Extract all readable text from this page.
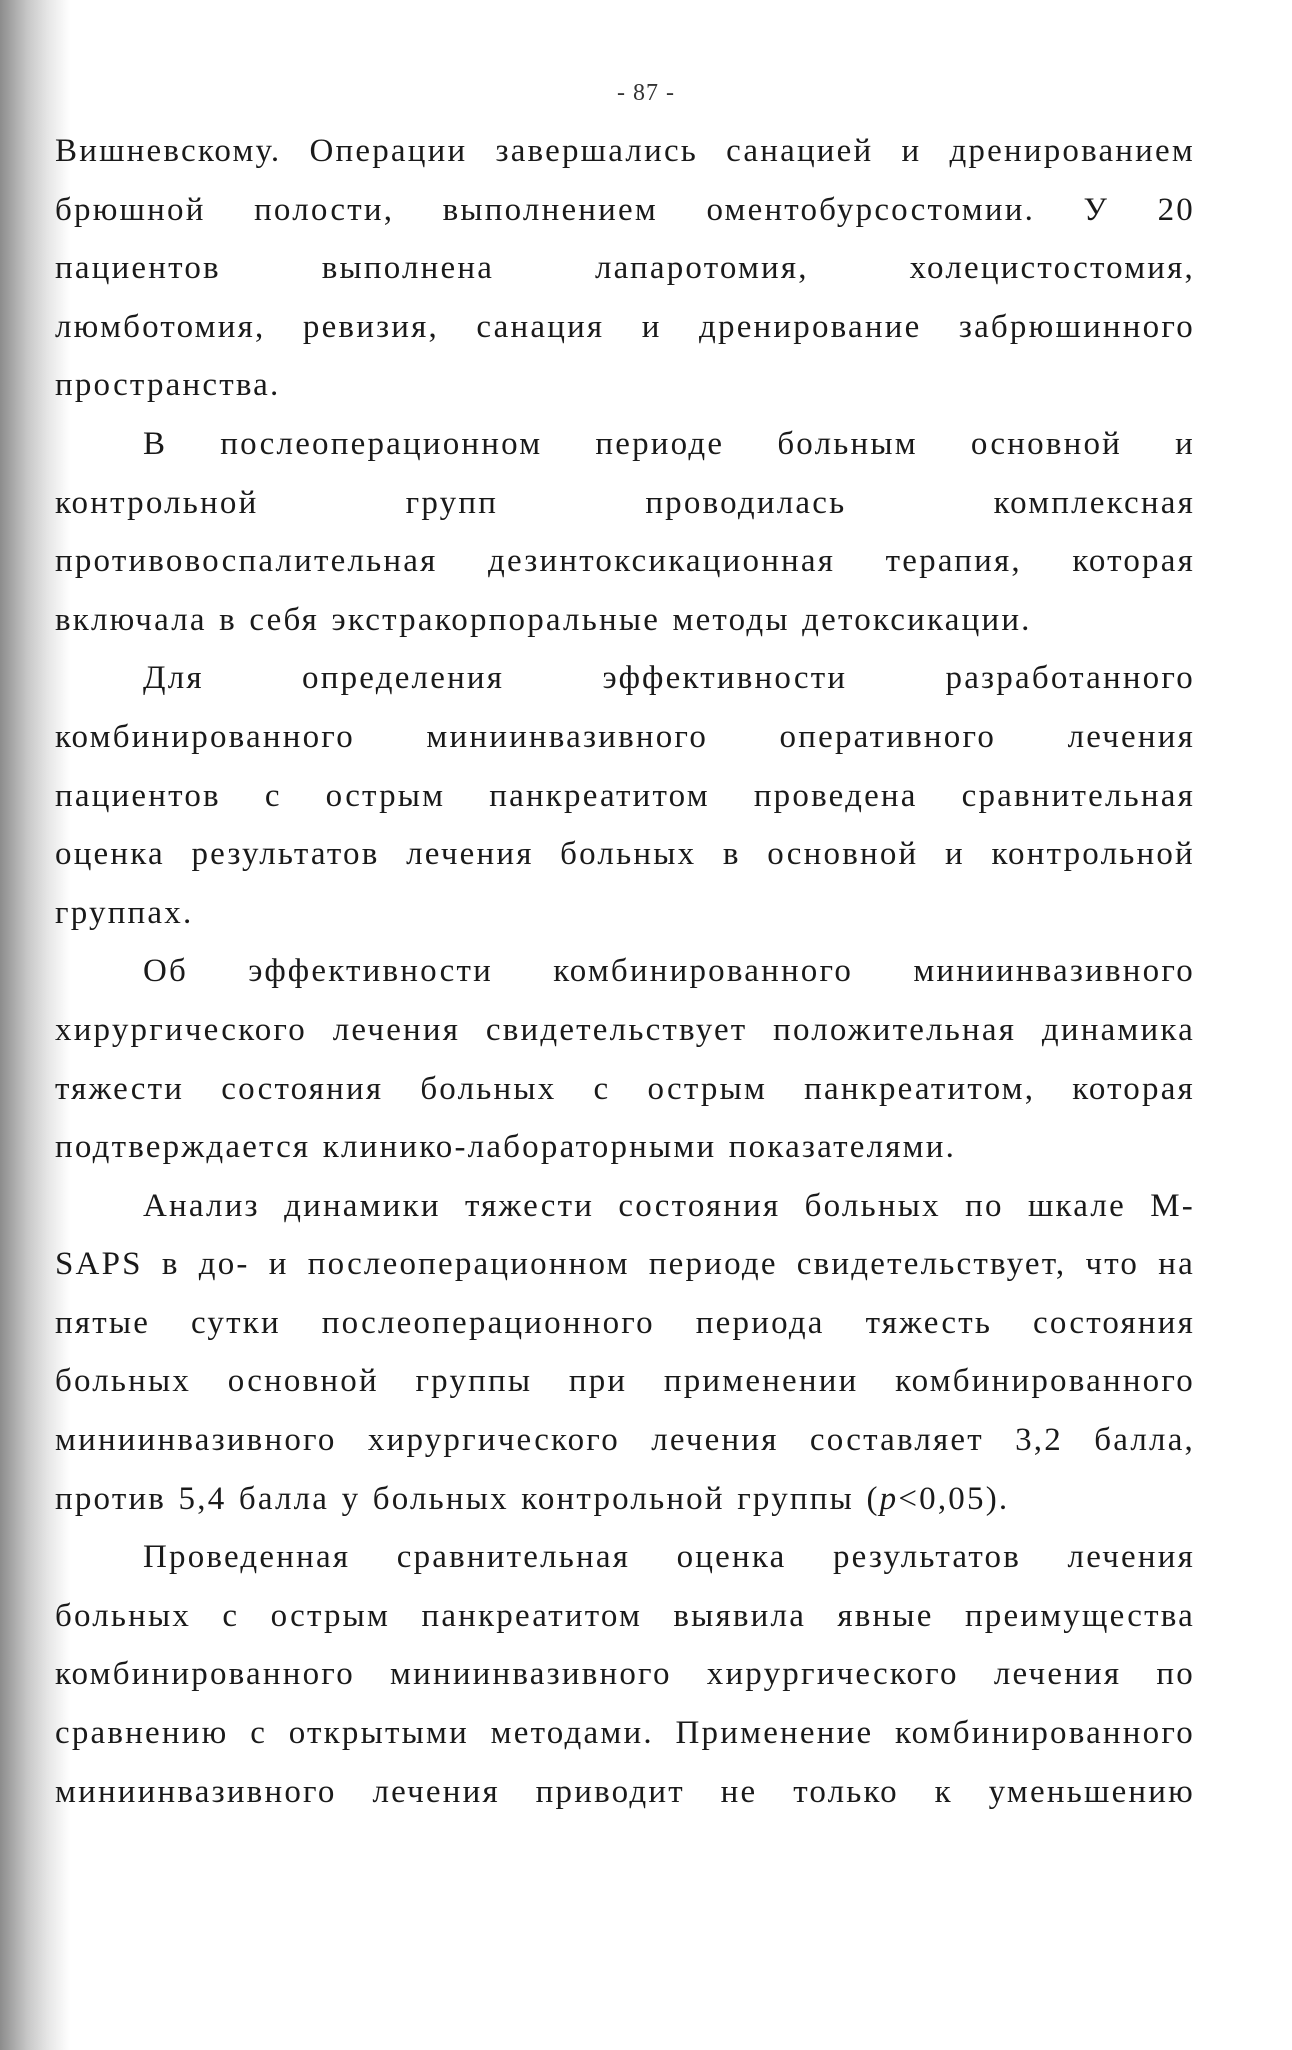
- 87 -
Вишневскому. Операции завершались санацией и дренированием
брюшной полости, выполнением оментобурсостомии. У 20
пациентов	выполнена	лапаротомия,	холецистостомия,
люмботомия, ревизия, санация и дренирование забрюшинного
пространства.
В послеоперационном периоде больным основной и
контрольной	групп	проводилась	комплексная
противовоспалительная дезинтоксикационная терапия, которая
включала в себя экстракорпоральные методы детоксикации.
Для	определения	эффективности	разработанного
комбинированного миниинвазивного оперативного лечения
пациентов с острым панкреатитом проведена сравнительная
оценка результатов лечения больных в основной и контрольной
группах.
Об эффективности комбинированного миниинвазивного
хирургического лечения свидетельствует положительная динамика
тяжести состояния больных с острым панкреатитом, которая
подтверждается клинико-лабораторными показателями.
Анализ динамики тяжести состояния больных по шкале M-
SAPS в до- и послеоперационном периоде свидетельствует, что на
пятые сутки послеоперационного периода тяжесть состояния
больных основной группы при применении комбинированного
миниинвазивного хирургического лечения составляет 3,2 балла,
против 5,4 балла у больных контрольной группы (p<0,05).
Проведенная сравнительная оценка результатов лечения
больных с острым панкреатитом выявила явные преимущества
комбинированного миниинвазивного хирургического лечения по
сравнению с открытыми методами. Применение комбинированного
миниинвазивного лечения приводит не только к уменьшению
